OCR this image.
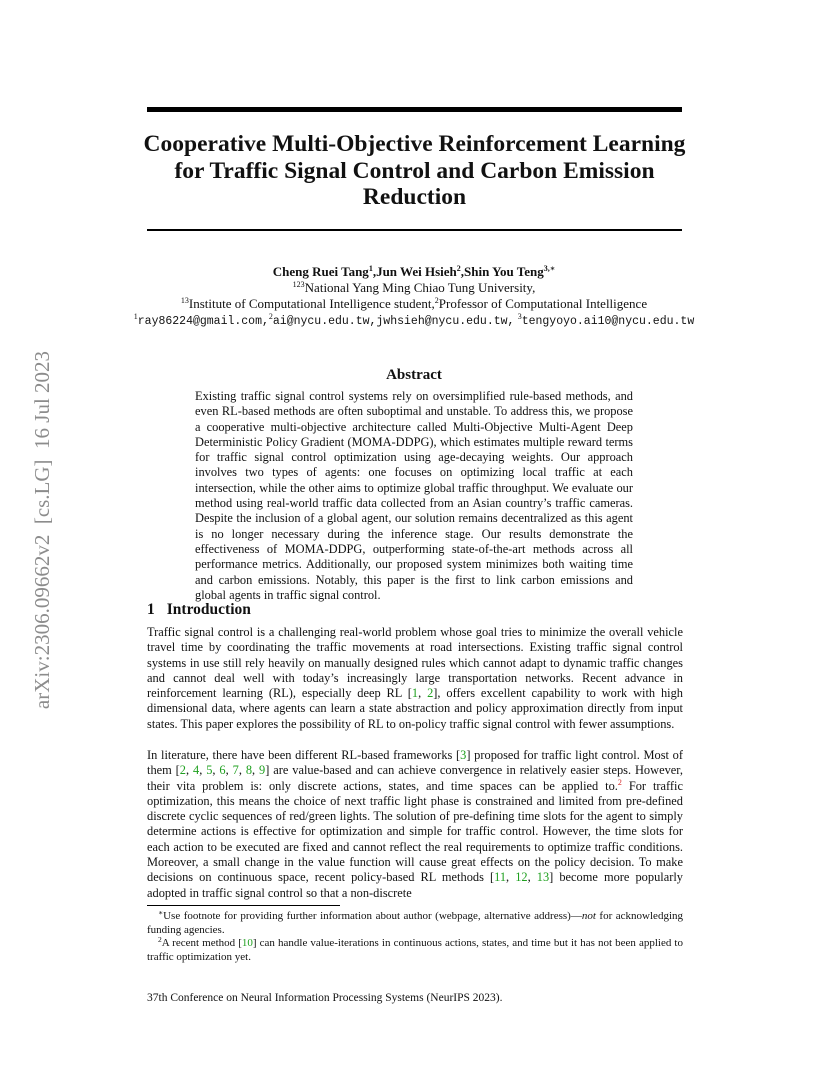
arXiv:2306.09662v2  [cs.LG]  16 Jul 2023
Cooperative Multi-Objective Reinforcement Learning
for Traffic Signal Control and Carbon Emission
Reduction
Cheng Ruei Tang$^1$,Jun Wei Hsieh$^2$,Shin You Teng$^{3,∗}$
$^{123}$National Yang Ming Chiao Tung University,
$^{13}$Institute of Computational Intelligence student,$^2$Professor of Computational Intelligence
$^1$ray86224@gmail.com,$^2$ai@nycu.edu.tw,jwhsieh@nycu.edu.tw, $^3$tengyoyo.ai10@nycu.edu.tw
Abstract

Existing traffic signal control systems rely on oversimplified rule-based methods, and even RL-based methods are often suboptimal and unstable. To address this, we propose a cooperative multi-objective architecture called Multi-Objective Multi-Agent Deep Deterministic Policy Gradient (MOMA-DDPG), which estimates multiple reward terms for traffic signal control optimization using age-decaying weights. Our approach involves two types of agents: one focuses on optimizing local traffic at each intersection, while the other aims to optimize global traffic throughput. We evaluate our method using real-world traffic data collected from an Asian country’s traffic cameras. Despite the inclusion of a global agent, our solution remains decentralized as this agent is no longer necessary during the inference stage. Our results demonstrate the effectiveness of MOMA-DDPG, outperforming state-of-the-art methods across all performance metrics. Additionally, our proposed system minimizes both waiting time and carbon emissions. Notably, this paper is the first to link carbon emissions and global agents in traffic signal control.

1 Introduction

Traffic signal control is a challenging real-world problem whose goal tries to minimize the overall vehicle travel time by coordinating the traffic movements at road intersections. Existing traffic signal control systems in use still rely heavily on manually designed rules which cannot adapt to dynamic traffic changes and cannot deal well with today’s increasingly large transportation networks. Recent advance in reinforcement learning (RL), especially deep RL [1, 2], offers excellent capability to work with high dimensional data, where agents can learn a state abstraction and policy approximation directly from input states. This paper explores the possibility of RL to on-policy traffic signal control with fewer assumptions.

In literature, there have been different RL-based frameworks [3] proposed for traffic light control. Most of them [2, 4, 5, 6, 7, 8, 9] are value-based and can achieve convergence in relatively easier steps. However, their vita problem is: only discrete actions, states, and time spaces can be applied to.$^2$ For traffic optimization, this means the choice of next traffic light phase is constrained and limited from pre-defined discrete cyclic sequences of red/green lights. The solution of pre-defining time slots for the agent to simply determine actions is effective for optimization and simple for traffic control. However, the time slots for each action to be executed are fixed and cannot reflect the real requirements to optimize traffic conditions. Moreover, a small change in the value function will cause great effects on the policy decision. To make decisions on continuous space, recent policy-based RL methods [11, 12, 13] become more popularly adopted in traffic signal control so that a non-discrete

 ∗Use footnote for providing further information about author (webpage, alternative address)—not for acknowledging funding agencies.

 $^2$A recent method [10] can handle value-iterations in continuous actions, states, and time but it has not been applied to traffic optimization yet.

37th Conference on Neural Information Processing Systems (NeurIPS 2023).
